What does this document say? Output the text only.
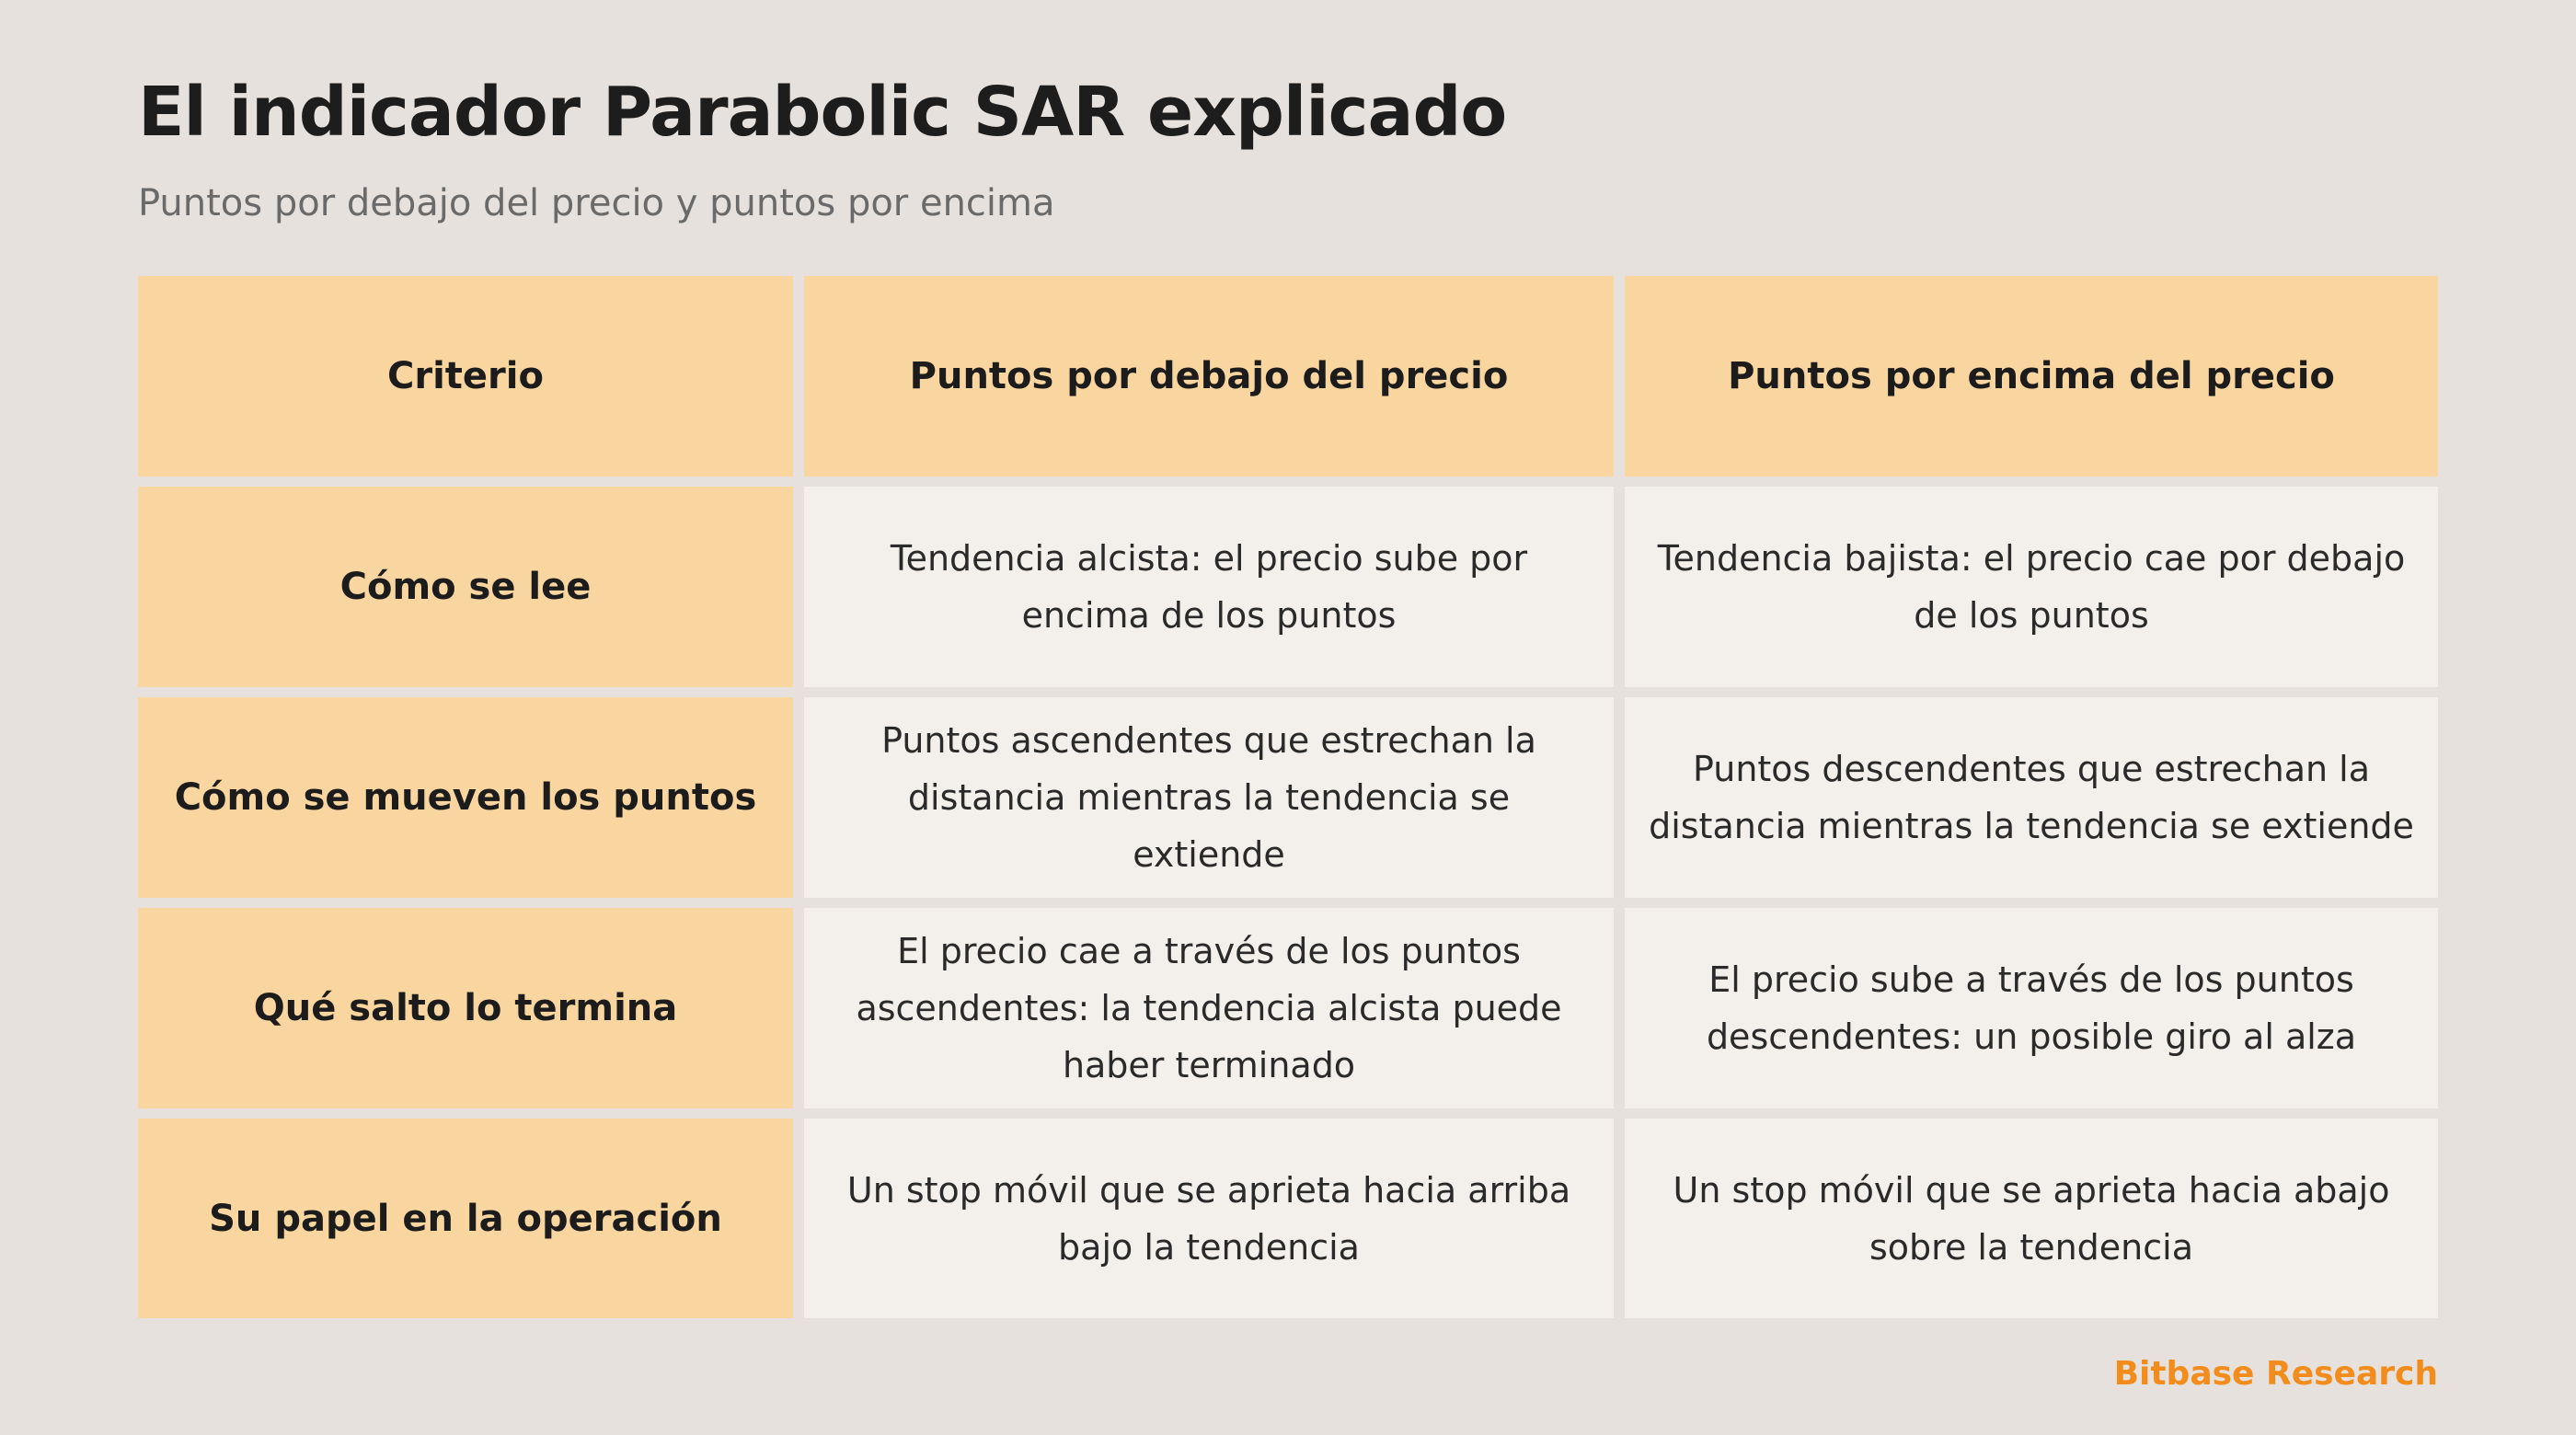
El indicador Parabolic SAR explicado

Puntos por debajo del precio y puntos por encima

Criterio	Puntos por debajo del precio	Puntos por encima del precio
Cómo se lee
Tendencia alcista: el precio sube por encima de los puntos
Tendencia bajista: el precio cae por debajo de los puntos
Cómo se mueven los puntos
Puntos ascendentes que estrechan la distancia mientras la tendencia se extiende
Puntos descendentes que estrechan la distancia mientras la tendencia se extiende
Qué salto lo termina
El precio cae a través de los puntos ascendentes: la tendencia alcista puede haber terminado
El precio sube a través de los puntos descendentes: un posible giro al alza
Su papel en la operación
Un stop móvil que se aprieta hacia arriba bajo la tendencia
Un stop móvil que se aprieta hacia abajo sobre la tendencia

Bitbase Research
